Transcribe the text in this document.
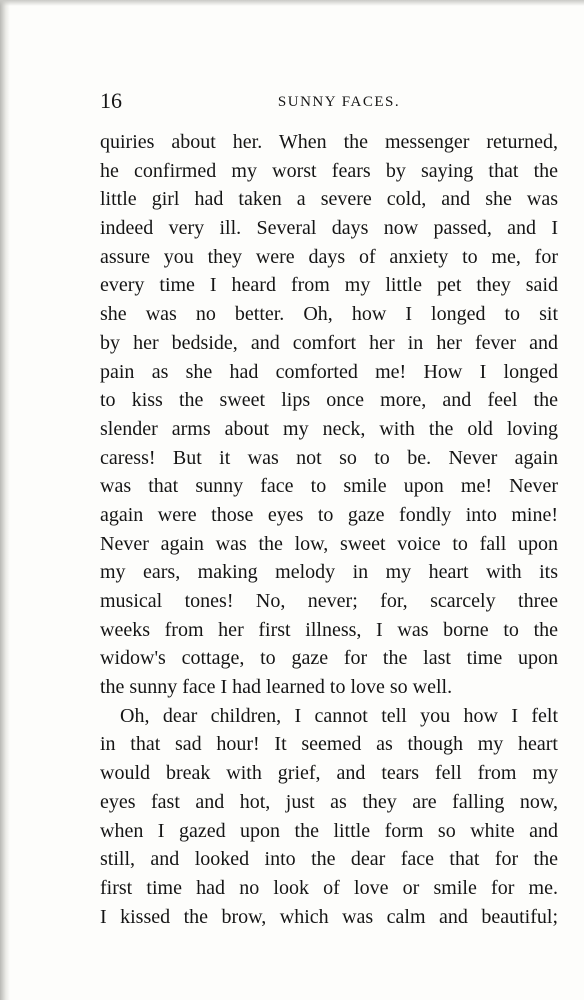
16	SUNNY FACES.
quiries about her. When the messenger returned,
he confirmed my worst fears by saying that the
little girl had taken a severe cold, and she was
indeed very ill. Several days now passed, and I
assure you they were days of anxiety to me, for
every time I heard from my little pet they said
she was no better. Oh, how I longed to sit
by her bedside, and comfort her in her fever and
pain as she had comforted me! How I longed
to kiss the sweet lips once more, and feel the
slender arms about my neck, with the old loving
caress! But it was not so to be. Never again
was that sunny face to smile upon me! Never
again were those eyes to gaze fondly into mine!
Never again was the low, sweet voice to fall upon
my ears, making melody in my heart with its
musical tones! No, never; for, scarcely three
weeks from her first illness, I was borne to the
widow's cottage, to gaze for the last time upon
the sunny face I had learned to love so well.
Oh, dear children, I cannot tell you how I felt
in that sad hour! It seemed as though my heart
would break with grief, and tears fell from my
eyes fast and hot, just as they are falling now,
when I gazed upon the little form so white and
still, and looked into the dear face that for the
first time had no look of love or smile for me.
I kissed the brow, which was calm and beautiful;
